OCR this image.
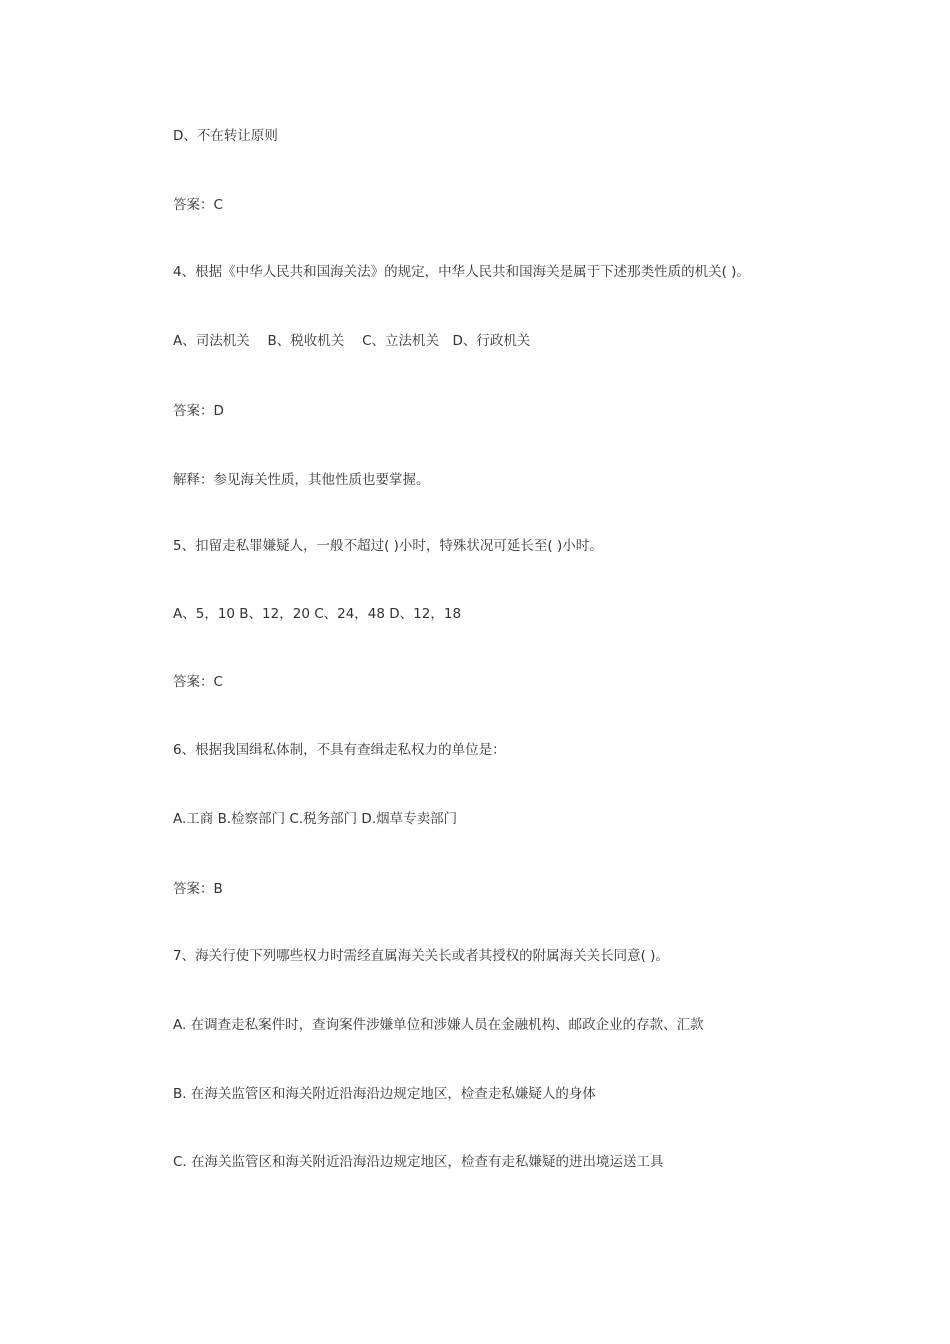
D、不在转让原则
答案：C
4、根据《中华人民共和国海关法》的规定，中华人民共和国海关是属于下述那类性质的机关( )。
A、司法机关　 B、税收机关　 C、立法机关　D、行政机关
答案：D
解释：参见海关性质，其他性质也要掌握。
5、扣留走私罪嫌疑人，一般不超过( )小时，特殊状况可延长至( )小时。
A、5，10 B、12，20 C、24，48 D、12，18
答案：C
6、根据我国缉私体制，不具有查缉走私权力的单位是：
A.工商 B.检察部门 C.税务部门 D.烟草专卖部门
答案：B
7、海关行使下列哪些权力时需经直属海关关长或者其授权的附属海关关长同意( )。
A. 在调查走私案件时，查询案件涉嫌单位和涉嫌人员在金融机构、邮政企业的存款、汇款
B. 在海关监管区和海关附近沿海沿边规定地区，检查走私嫌疑人的身体
C. 在海关监管区和海关附近沿海沿边规定地区，检查有走私嫌疑的进出境运送工具
